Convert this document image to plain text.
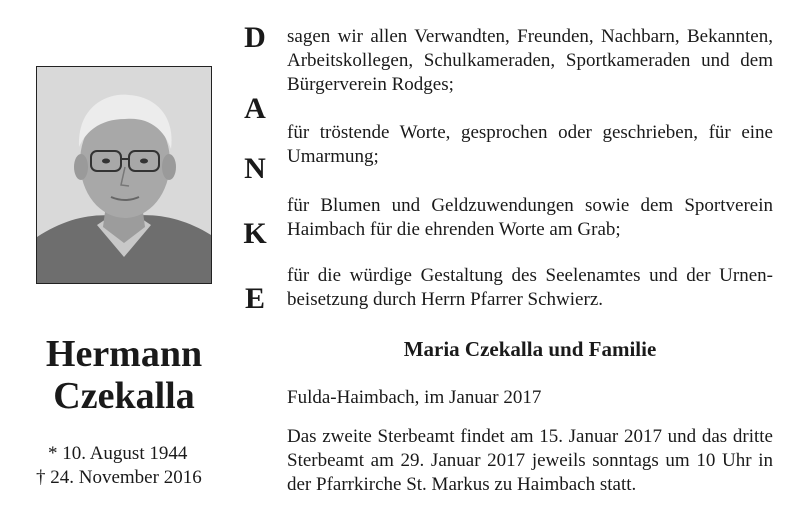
Hermann
Czekalla
* 10. August 1944
† 24. November 2016
D
A
N
K
E
sagen wir allen Verwandten, Freunden, Nachbarn, Bekannten, Arbeitskollegen, Schulkameraden, Sportkameraden und dem Bürgerverein Rodges;
für tröstende Worte, gesprochen oder geschrieben, für eine Umarmung;
für Blumen und Geldzuwendungen sowie dem Sportverein Haimbach für die ehrenden Worte am Grab;
für die würdige Gestaltung des Seelenamtes und der Urnenbeisetzung durch Herrn Pfarrer Schwierz.
Maria Czekalla und Familie
Fulda-Haimbach, im Januar 2017
Das zweite Sterbeamt findet am 15. Januar 2017 und das dritte Sterbeamt am 29. Januar 2017 jeweils sonntags um 10 Uhr in der Pfarrkirche St. Markus zu Haimbach statt.
